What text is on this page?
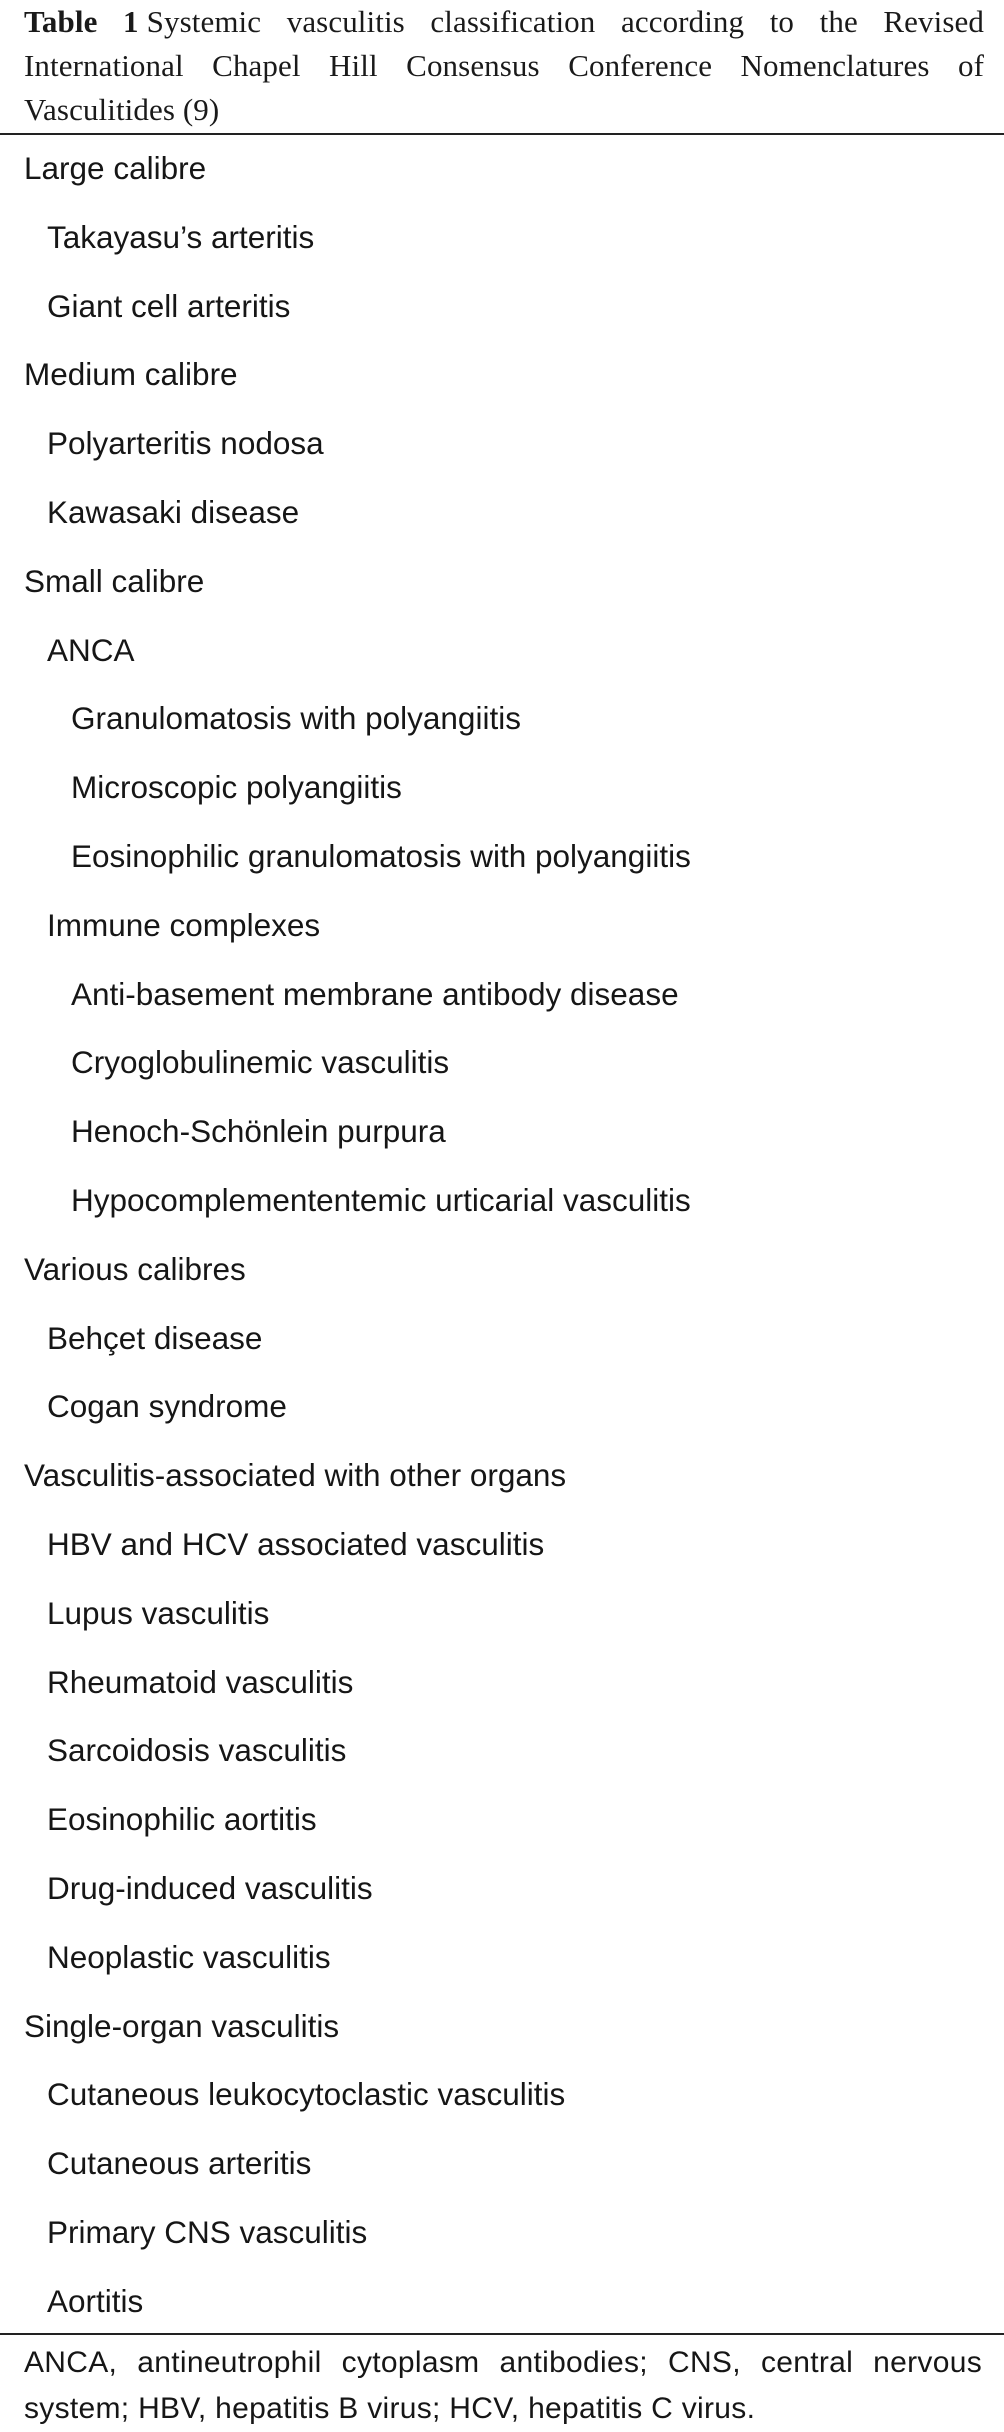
Table 1 Systemic vasculitis classification according to the Revised International Chapel Hill Consensus Conference Nomenclatures of Vasculitides (9)
Large calibre
Takayasu’s arteritis
Giant cell arteritis
Medium calibre
Polyarteritis nodosa
Kawasaki disease
Small calibre
ANCA
Granulomatosis with polyangiitis
Microscopic polyangiitis
Eosinophilic granulomatosis with polyangiitis
Immune complexes
Anti-basement membrane antibody disease
Cryoglobulinemic vasculitis
Henoch-Schönlein purpura
Hypocomplemententemic urticarial vasculitis
Various calibres
Behçet disease
Cogan syndrome
Vasculitis-associated with other organs
HBV and HCV associated vasculitis
Lupus vasculitis
Rheumatoid vasculitis
Sarcoidosis vasculitis
Eosinophilic aortitis
Drug-induced vasculitis
Neoplastic vasculitis
Single-organ vasculitis
Cutaneous leukocytoclastic vasculitis
Cutaneous arteritis
Primary CNS vasculitis
Aortitis
ANCA, antineutrophil cytoplasm antibodies; CNS, central nervous system; HBV, hepatitis B virus; HCV, hepatitis C virus.
